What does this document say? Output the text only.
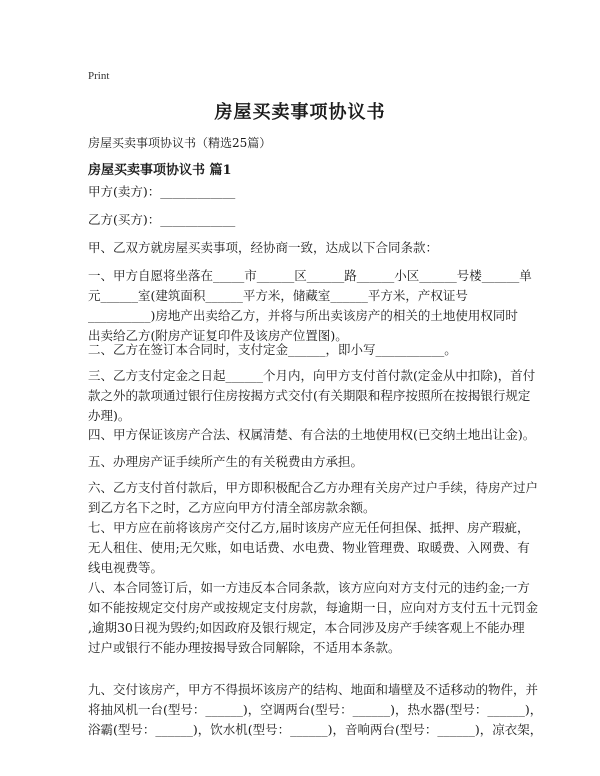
Print
房屋买卖事项协议书
房屋买卖事项协议书（精选25篇）
房屋买卖事项协议书 篇1
甲方(卖方)：____________
乙方(买方)：____________
甲、乙双方就房屋买卖事项，经协商一致，达成以下合同条款：
一、甲方自愿将坐落在_____市______区______路______小区______号楼______单
元______室(建筑面积______平方米，储藏室______平方米，产权证号
__________)房地产出卖给乙方，并将与所出卖该房产的相关的土地使用权同时
出卖给乙方(附房产证复印件及该房产位置图)。
二、乙方在签订本合同时，支付定金______，即小写___________。
三、乙方支付定金之日起______个月内，向甲方支付首付款(定金从中扣除)，首付
款之外的款项通过银行住房按揭方式交付(有关期限和程序按照所在按揭银行规定
办理)。
四、甲方保证该房产合法、权属清楚、有合法的土地使用权(已交纳土地出让金)。
五、办理房产证手续所产生的有关税费由方承担。
六、乙方支付首付款后，甲方即积极配合乙方办理有关房产过户手续，待房产过户
到乙方名下之时，乙方应向甲方付清全部房款余额。
七、甲方应在前将该房产交付乙方,届时该房产应无任何担保、抵押、房产瑕疵，
无人租住、使用;无欠账，如电话费、水电费、物业管理费、取暖费、入网费、有
线电视费等。
八、本合同签订后，如一方违反本合同条款，该方应向对方支付元的违约金;一方
如不能按规定交付房产或按规定支付房款，每逾期一日，应向对方支付五十元罚金
,逾期30日视为毁约;如因政府及银行规定，本合同涉及房产手续客观上不能办理
过户或银行不能办理按揭导致合同解除，不适用本条款。
九、交付该房产，甲方不得损坏该房产的结构、地面和墙壁及不适移动的物件，并
将抽风机一台(型号：______)，空调两台(型号：______)，热水器(型号：______)，
浴霸(型号：______)，饮水机(型号：______)，音响两台(型号：______)，凉衣架，
